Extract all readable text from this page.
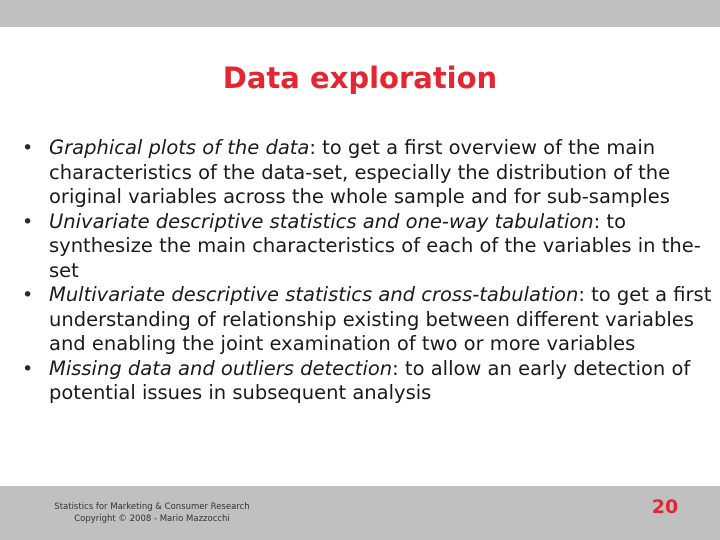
Data exploration
• Graphical plots of the data: to get a first overview of the main characteristics of the data-set, especially the distribution of the original variables across the whole sample and for sub-samples
• Univariate descriptive statistics and one-way tabulation: to synthesize the main characteristics of each of the variables in the-set
• Multivariate descriptive statistics and cross-tabulation: to get a first understanding of relationship existing between different variables and enabling the joint examination of two or more variables
• Missing data and outliers detection: to allow an early detection of potential issues in subsequent analysis
Statistics for Marketing & Consumer Research
Copyright © 2008 - Mario Mazzocchi
20
